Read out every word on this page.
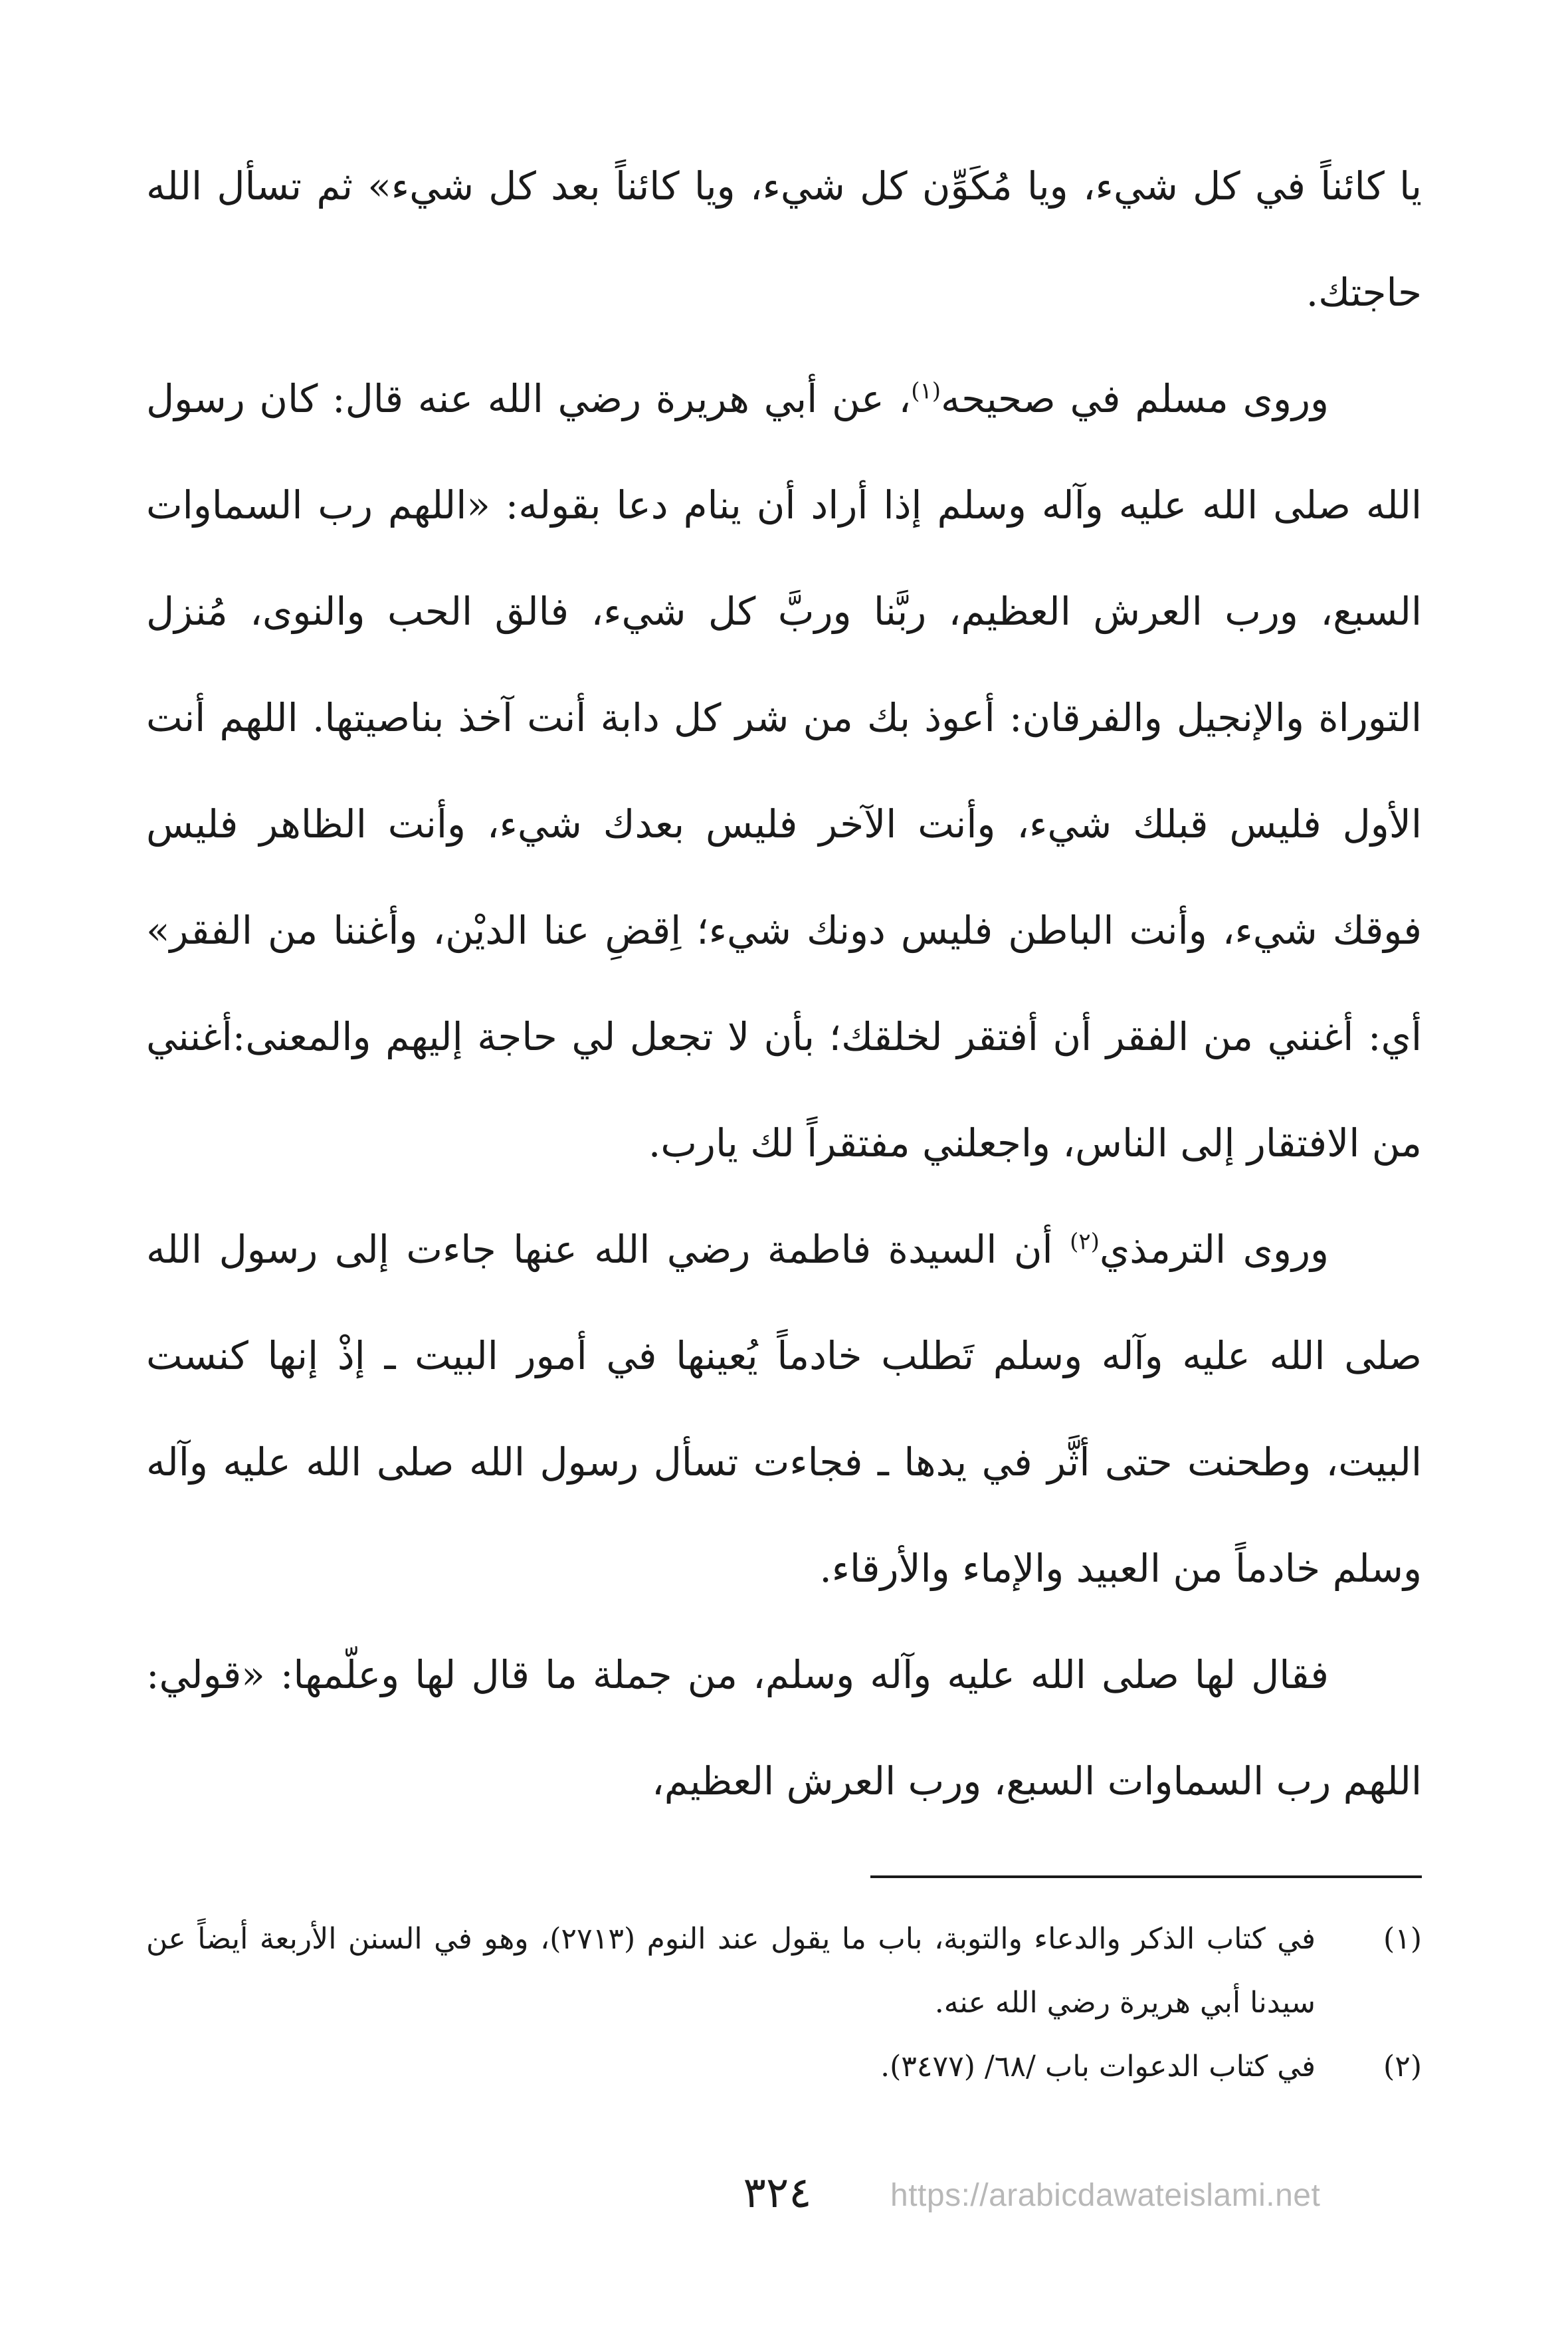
يا كائناً في كل شيء، ويا مُكَوِّن كل شيء، ويا كائناً بعد كل شيء» ثم تسأل الله حاجتك.

وروى مسلم في صحيحه$^{(١)}$، عن أبي هريرة رضي الله عنه قال: كان رسول الله صلى الله عليه وآله وسلم إذا أراد أن ينام دعا بقوله: «اللهم رب السماوات السبع، ورب العرش العظيم، ربَّنا وربَّ كل شيء، فالق الحب والنوى، مُنزل التوراة والإنجيل والفرقان: أعوذ بك من شر كل دابة أنت آخذ بناصيتها. اللهم أنت الأول فليس قبلك شيء، وأنت الآخر فليس بعدك شيء، وأنت الظاهر فليس فوقك شيء، وأنت الباطن فليس دونك شيء؛ اِقضِ عنا الديْن، وأغننا من الفقر» أي: أغنني من الفقر أن أفتقر لخلقك؛ بأن لا تجعل لي حاجة إليهم والمعنى:أغنني من الافتقار إلى الناس، واجعلني مفتقراً لك يارب.

وروى الترمذي$^{(٢)}$ أن السيدة فاطمة رضي الله عنها جاءت إلى رسول الله صلى الله عليه وآله وسلم تَطلب خادماً يُعينها في أمور البيت ـ إذْ إنها كنست البيت، وطحنت حتى أثَّر في يدها ـ فجاءت تسأل رسول الله صلى الله عليه وآله وسلم خادماً من العبيد والإماء والأرقاء.

فقال لها صلى الله عليه وآله وسلم، من جملة ما قال لها وعلّمها: «قولي: اللهم رب السماوات السبع، ورب العرش العظيم،

(١)
في كتاب الذكر والدعاء والتوبة، باب ما يقول عند النوم (٢٧١٣)، وهو في السنن الأربعة أيضاً عن سيدنا أبي هريرة رضي الله عنه.

(٢)
في كتاب الدعوات باب /٦٨/ (٣٤٧٧).

٣٢٤	https://arabicdawateislami.net
